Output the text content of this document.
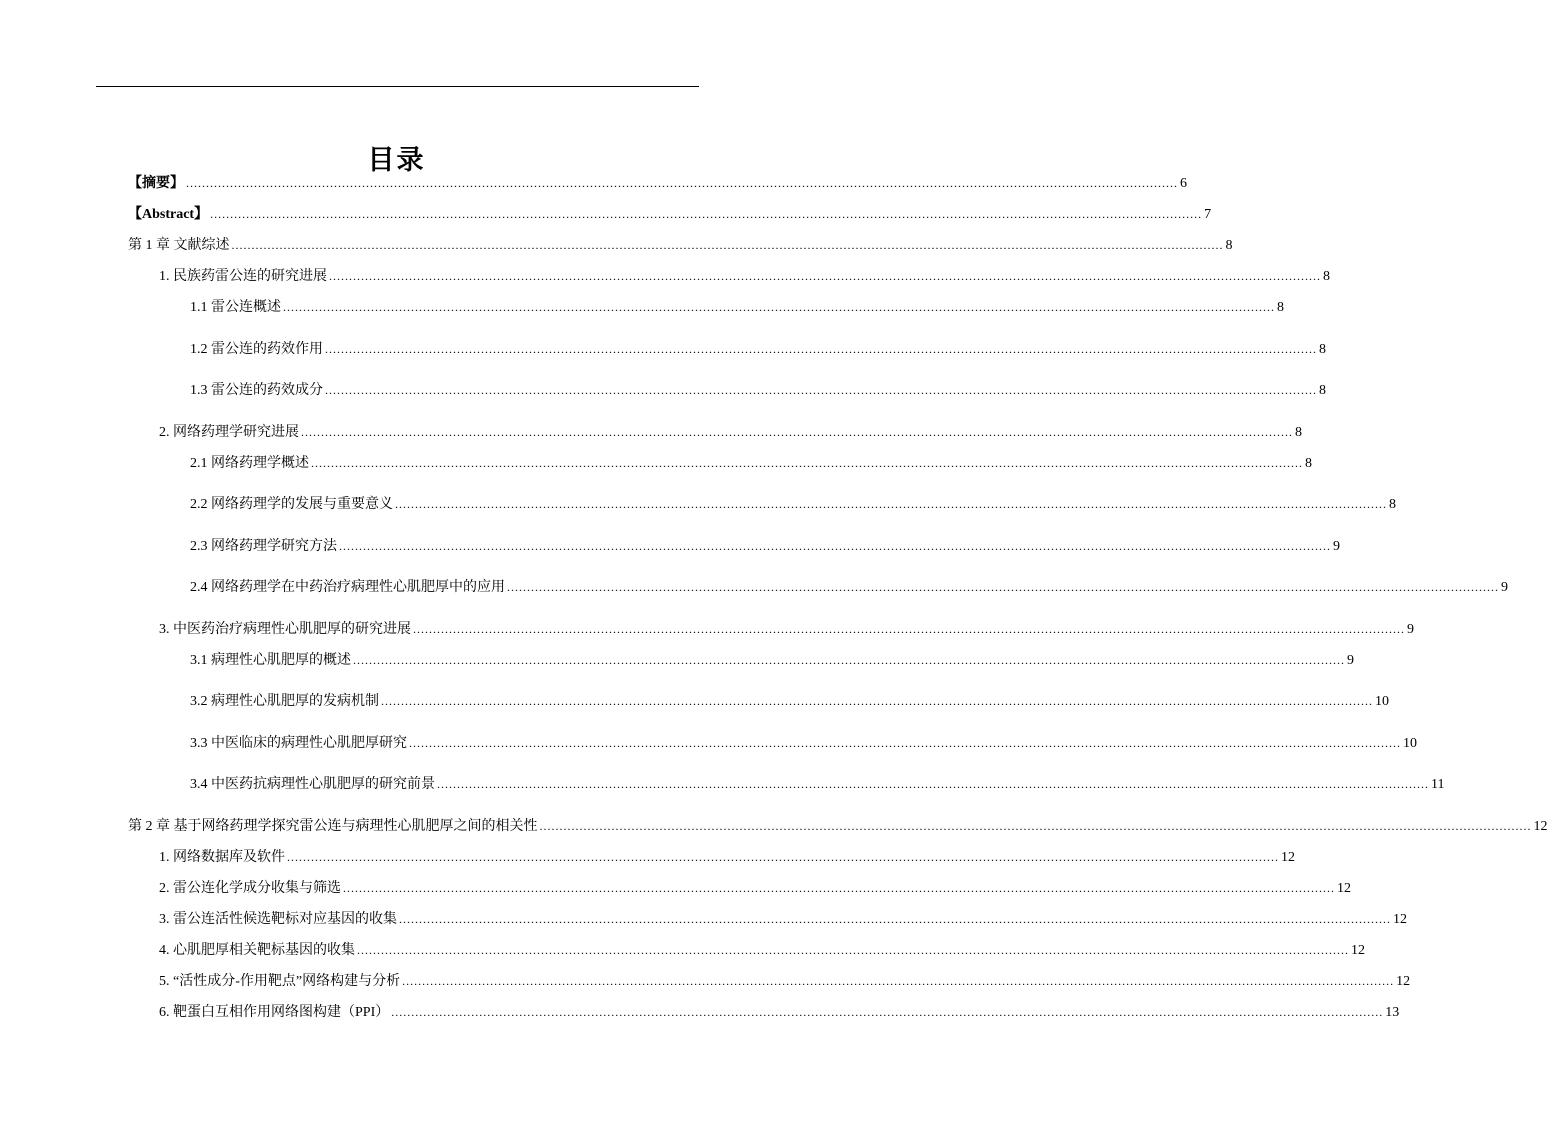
目录
【摘要】 ........................................................................................................................................................................................................................................................ 6
【Abstract】 ........................................................................................................................................................................................................................................................ 7
第 1 章 文献综述 ........................................................................................................................................................................................................................................................ 8
1. 民族药雷公连的研究进展 ........................................................................................................................................................................................................................................................ 8
1.1 雷公连概述 ........................................................................................................................................................................................................................................................ 8
1.2 雷公连的药效作用 ........................................................................................................................................................................................................................................................ 8
1.3 雷公连的药效成分 ........................................................................................................................................................................................................................................................ 8
2. 网络药理学研究进展 ........................................................................................................................................................................................................................................................ 8
2.1 网络药理学概述 ........................................................................................................................................................................................................................................................ 8
2.2 网络药理学的发展与重要意义 ........................................................................................................................................................................................................................................................ 8
2.3 网络药理学研究方法 ........................................................................................................................................................................................................................................................ 9
2.4 网络药理学在中药治疗病理性心肌肥厚中的应用 ........................................................................................................................................................................................................................................................ 9
3. 中医药治疗病理性心肌肥厚的研究进展 ........................................................................................................................................................................................................................................................ 9
3.1 病理性心肌肥厚的概述 ........................................................................................................................................................................................................................................................ 9
3.2 病理性心肌肥厚的发病机制 ........................................................................................................................................................................................................................................................ 10
3.3 中医临床的病理性心肌肥厚研究 ........................................................................................................................................................................................................................................................ 10
3.4 中医药抗病理性心肌肥厚的研究前景 ........................................................................................................................................................................................................................................................ 11
第 2 章 基于网络药理学探究雷公连与病理性心肌肥厚之间的相关性 ........................................................................................................................................................................................................................................................ 12
1. 网络数据库及软件 ........................................................................................................................................................................................................................................................ 12
2. 雷公连化学成分收集与筛选 ........................................................................................................................................................................................................................................................ 12
3. 雷公连活性候选靶标对应基因的收集 ........................................................................................................................................................................................................................................................ 12
4. 心肌肥厚相关靶标基因的收集 ........................................................................................................................................................................................................................................................ 12
5. “活性成分-作用靶点”网络构建与分析 ........................................................................................................................................................................................................................................................ 12
6. 靶蛋白互相作用网络图构建（PPI） ........................................................................................................................................................................................................................................................ 13
